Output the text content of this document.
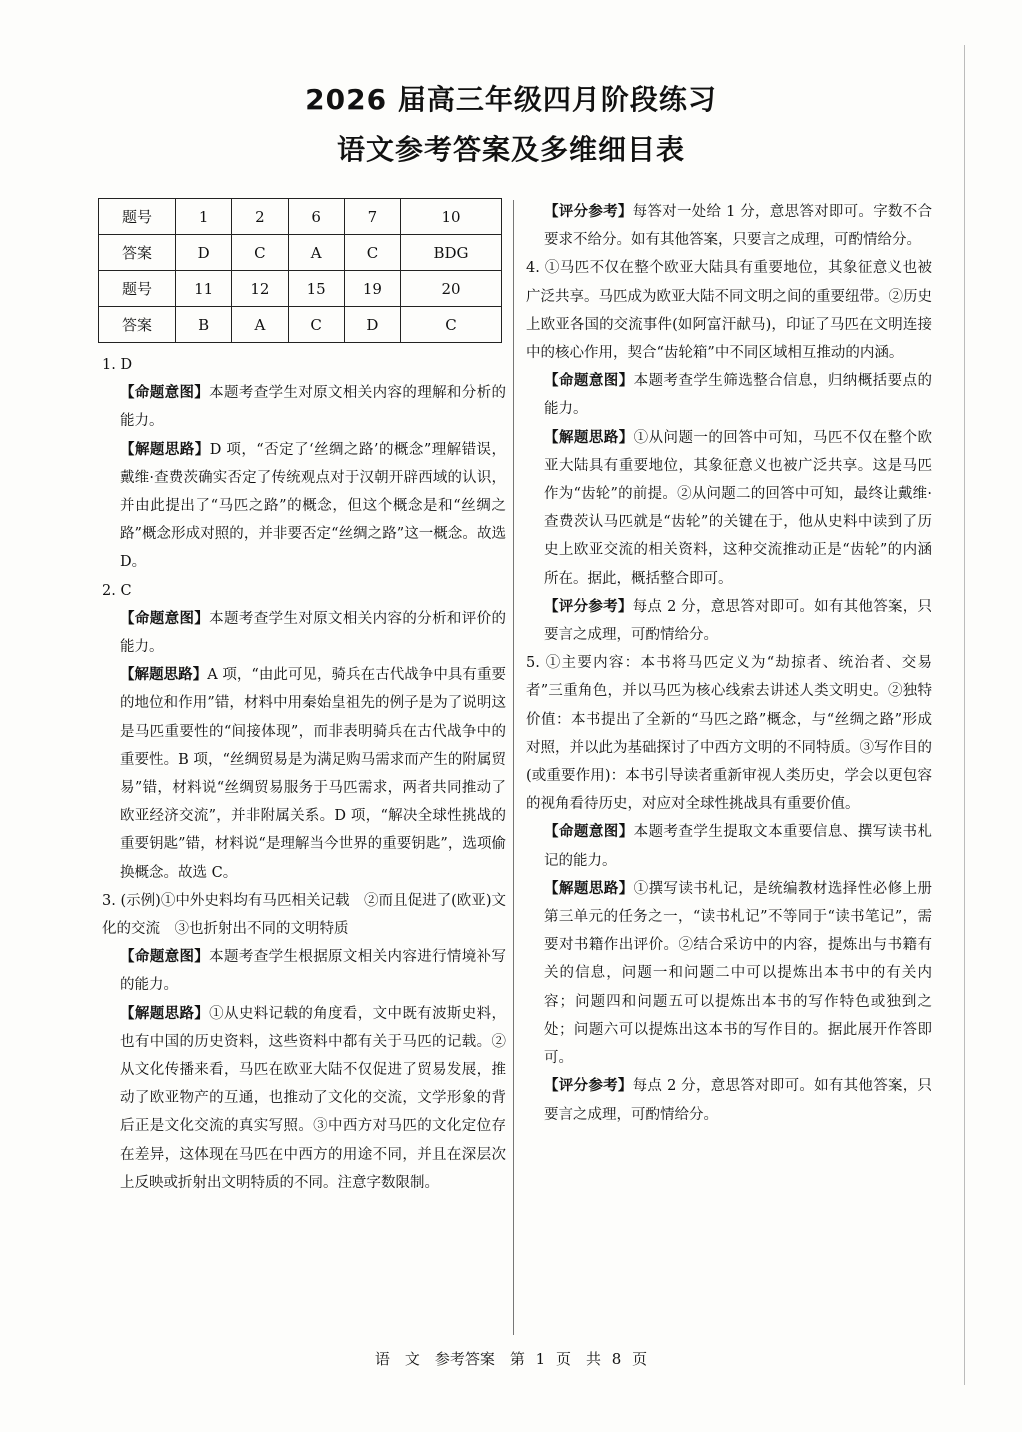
2026 届高三年级四月阶段练习
语文参考答案及多维细目表
题号	1	2	6	7	10
答案	D	C	A	C	BDG
题号	11	12	15	19	20
答案	B	A	C	D	C

1. D

【命题意图】本题考查学生对原文相关内容的理解和分析的能力。

【解题思路】D 项，“否定了‘丝绸之路’的概念”理解错误，戴维·查费茨确实否定了传统观点对于汉朝开辟西域的认识，并由此提出了“马匹之路”的概念，但这个概念是和“丝绸之路”概念形成对照的，并非要否定“丝绸之路”这一概念。故选 D。

2. C

【命题意图】本题考查学生对原文相关内容的分析和评价的能力。

【解题思路】A 项，“由此可见，骑兵在古代战争中具有重要的地位和作用”错，材料中用秦始皇祖先的例子是为了说明这是马匹重要性的“间接体现”，而非表明骑兵在古代战争中的重要性。B 项，“丝绸贸易是为满足购马需求而产生的附属贸易”错，材料说“丝绸贸易服务于马匹需求，两者共同推动了欧亚经济交流”，并非附属关系。D 项，“解决全球性挑战的重要钥匙”错，材料说“是理解当今世界的重要钥匙”，选项偷换概念。故选 C。

3. (示例)①中外史料均有马匹相关记载　②而且促进了(欧亚)文化的交流　③也折射出不同的文明特质

【命题意图】本题考查学生根据原文相关内容进行情境补写的能力。

【解题思路】①从史料记载的角度看，文中既有波斯史料，也有中国的历史资料，这些资料中都有关于马匹的记载。②从文化传播来看，马匹在欧亚大陆不仅促进了贸易发展，推动了欧亚物产的互通，也推动了文化的交流，文学形象的背后正是文化交流的真实写照。③中西方对马匹的文化定位存在差异，这体现在马匹在中西方的用途不同，并且在深层次上反映或折射出文明特质的不同。注意字数限制。

【评分参考】每答对一处给 1 分，意思答对即可。字数不合要求不给分。如有其他答案，只要言之成理，可酌情给分。

4. ①马匹不仅在整个欧亚大陆具有重要地位，其象征意义也被广泛共享。马匹成为欧亚大陆不同文明之间的重要纽带。②历史上欧亚各国的交流事件(如阿富汗献马)，印证了马匹在文明连接中的核心作用，契合“齿轮箱”中不同区域相互推动的内涵。

【命题意图】本题考查学生筛选整合信息，归纳概括要点的能力。

【解题思路】①从问题一的回答中可知，马匹不仅在整个欧亚大陆具有重要地位，其象征意义也被广泛共享。这是马匹作为“齿轮”的前提。②从问题二的回答中可知，最终让戴维·查费茨认马匹就是“齿轮”的关键在于，他从史料中读到了历史上欧亚交流的相关资料，这种交流推动正是“齿轮”的内涵所在。据此，概括整合即可。

【评分参考】每点 2 分，意思答对即可。如有其他答案，只要言之成理，可酌情给分。

5. ①主要内容：本书将马匹定义为“劫掠者、统治者、交易者”三重角色，并以马匹为核心线索去讲述人类文明史。②独特价值：本书提出了全新的“马匹之路”概念，与“丝绸之路”形成对照，并以此为基础探讨了中西方文明的不同特质。③写作目的(或重要作用)：本书引导读者重新审视人类历史，学会以更包容的视角看待历史，对应对全球性挑战具有重要价值。

【命题意图】本题考查学生提取文本重要信息、撰写读书札记的能力。

【解题思路】①撰写读书札记，是统编教材选择性必修上册第三单元的任务之一，“读书札记”不等同于“读书笔记”，需要对书籍作出评价。②结合采访中的内容，提炼出与书籍有关的信息，问题一和问题二中可以提炼出本书中的有关内容；问题四和问题五可以提炼出本书的写作特色或独到之处；问题六可以提炼出这本书的写作目的。据此展开作答即可。

【评分参考】每点 2 分，意思答对即可。如有其他答案，只要言之成理，可酌情给分。

语　文　参考答案　第 1 页　共 8 页
